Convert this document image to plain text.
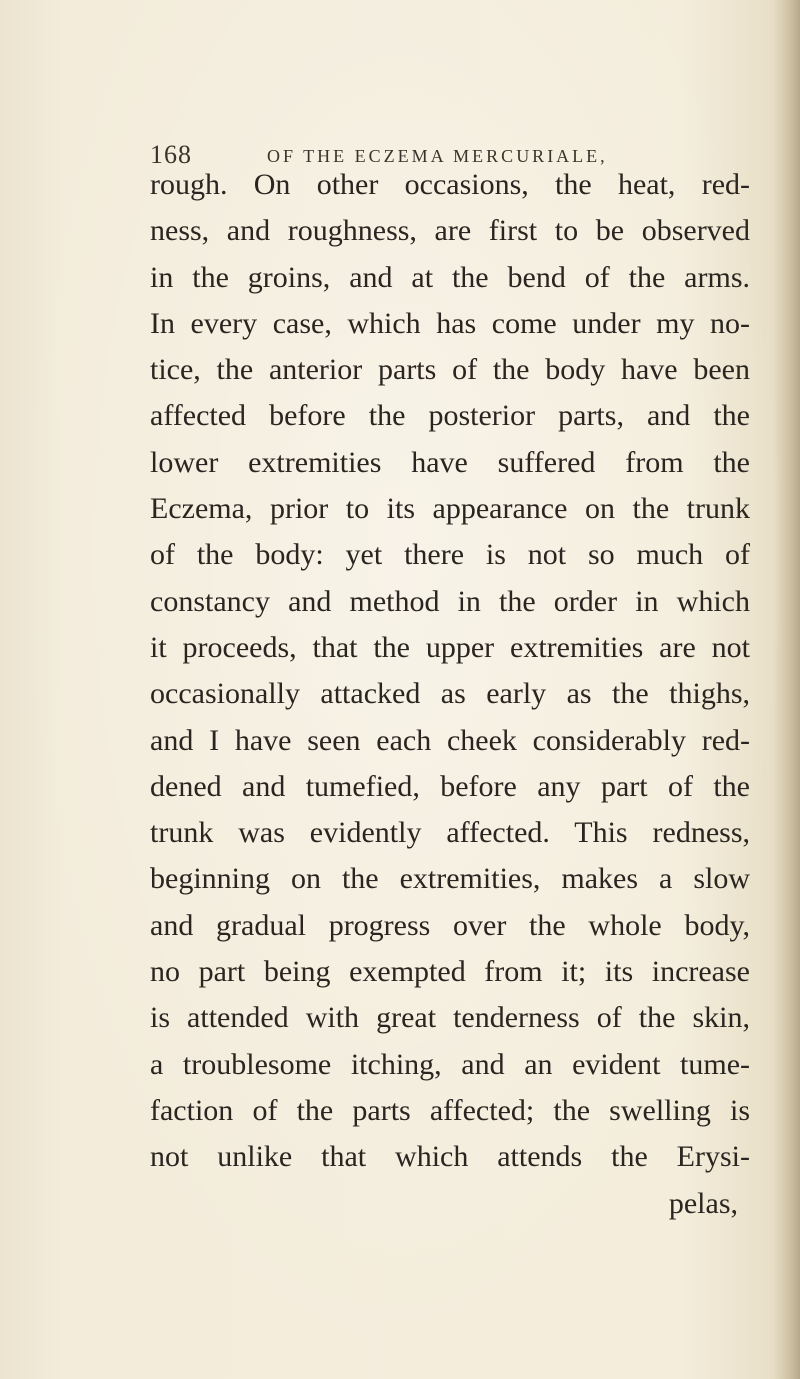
168	OF THE ECZEMA MERCURIALE,
rough. On other occasions, the heat, red-
ness, and roughness, are first to be observed
in the groins, and at the bend of the arms.
In every case, which has come under my no-
tice, the anterior parts of the body have been
affected before the posterior parts, and the
lower extremities have suffered from the
Eczema, prior to its appearance on the trunk
of the body: yet there is not so much of
constancy and method in the order in which
it proceeds, that the upper extremities are not
occasionally attacked as early as the thighs,
and I have seen each cheek considerably red-
dened and tumefied, before any part of the
trunk was evidently affected. This redness,
beginning on the extremities, makes a slow
and gradual progress over the whole body,
no part being exempted from it; its increase
is attended with great tenderness of the skin,
a troublesome itching, and an evident tume-
faction of the parts affected; the swelling is
not unlike that which attends the Erysi-
pelas,
